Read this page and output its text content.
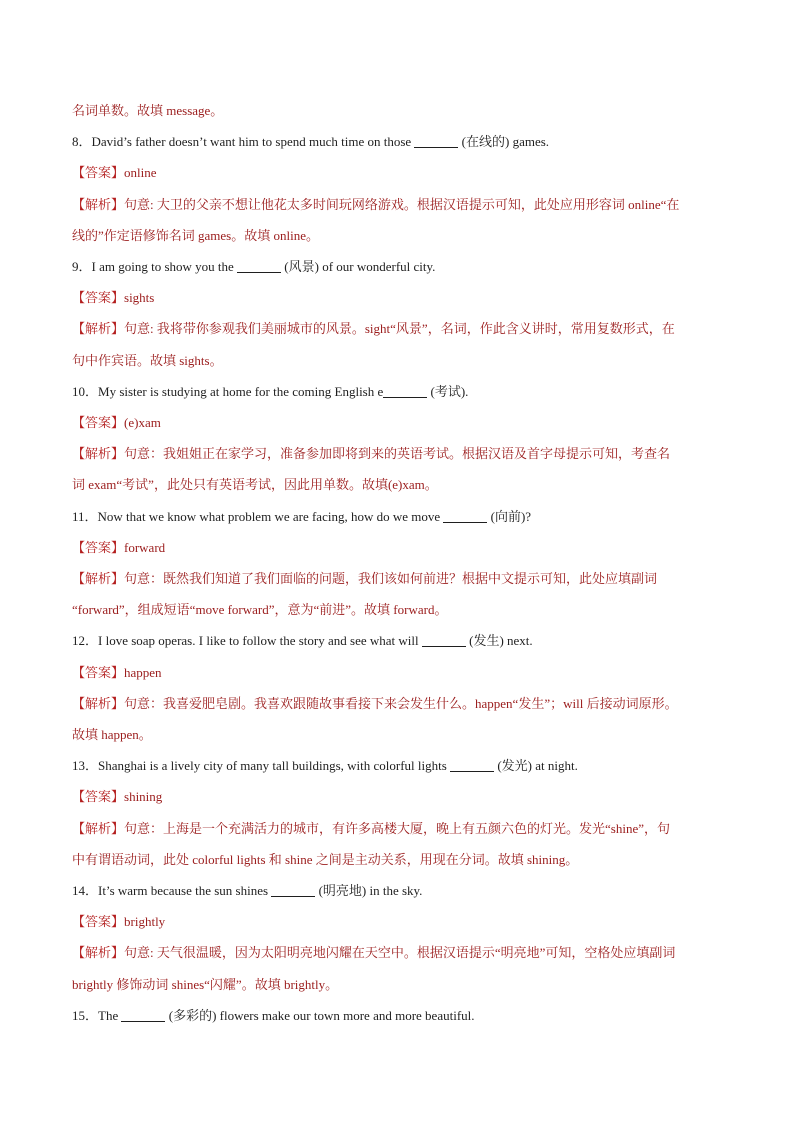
名词单数。故填 message。
8．David’s father doesn’t want him to spend much time on those	(在线的) games.
【答案】online
【解析】句意: 大卫的父亲不想让他花太多时间玩网络游戏。根据汉语提示可知，此处应用形容词 online“在
线的”作定语修饰名词 games。故填 online。
9．I am going to show you the	(风景) of our wonderful city.
【答案】sights
【解析】句意: 我将带你参观我们美丽城市的风景。sight“风景”，名词，作此含义讲时，常用复数形式，在
句中作宾语。故填 sights。
10．My sister is studying at home for the coming English e	(考试).
【答案】(e)xam
【解析】句意：我姐姐正在家学习，准备参加即将到来的英语考试。根据汉语及首字母提示可知，考查名
词 exam“考试”，此处只有英语考试，因此用单数。故填(e)xam。
11．Now that we know what problem we are facing, how do we move	(向前)?
【答案】forward
【解析】句意：既然我们知道了我们面临的问题，我们该如何前进？根据中文提示可知，此处应填副词
“forward”，组成短语“move forward”，意为“前进”。故填 forward。
12．I love soap operas. I like to follow the story and see what will	(发生) next.
【答案】happen
【解析】句意：我喜爱肥皂剧。我喜欢跟随故事看接下来会发生什么。happen“发生”；will 后接动词原形。
故填 happen。
13．Shanghai is a lively city of many tall buildings, with colorful lights	(发光) at night.
【答案】shining
【解析】句意：上海是一个充满活力的城市，有许多高楼大厦，晚上有五颜六色的灯光。发光“shine”，句
中有谓语动词，此处 colorful lights 和 shine 之间是主动关系，用现在分词。故填 shining。
14．It’s warm because the sun shines	(明亮地) in the sky.
【答案】brightly
【解析】句意: 天气很温暖，因为太阳明亮地闪耀在天空中。根据汉语提示“明亮地”可知，空格处应填副词
brightly 修饰动词 shines“闪耀”。故填 brightly。
15．The	(多彩的) flowers make our town more and more beautiful.
